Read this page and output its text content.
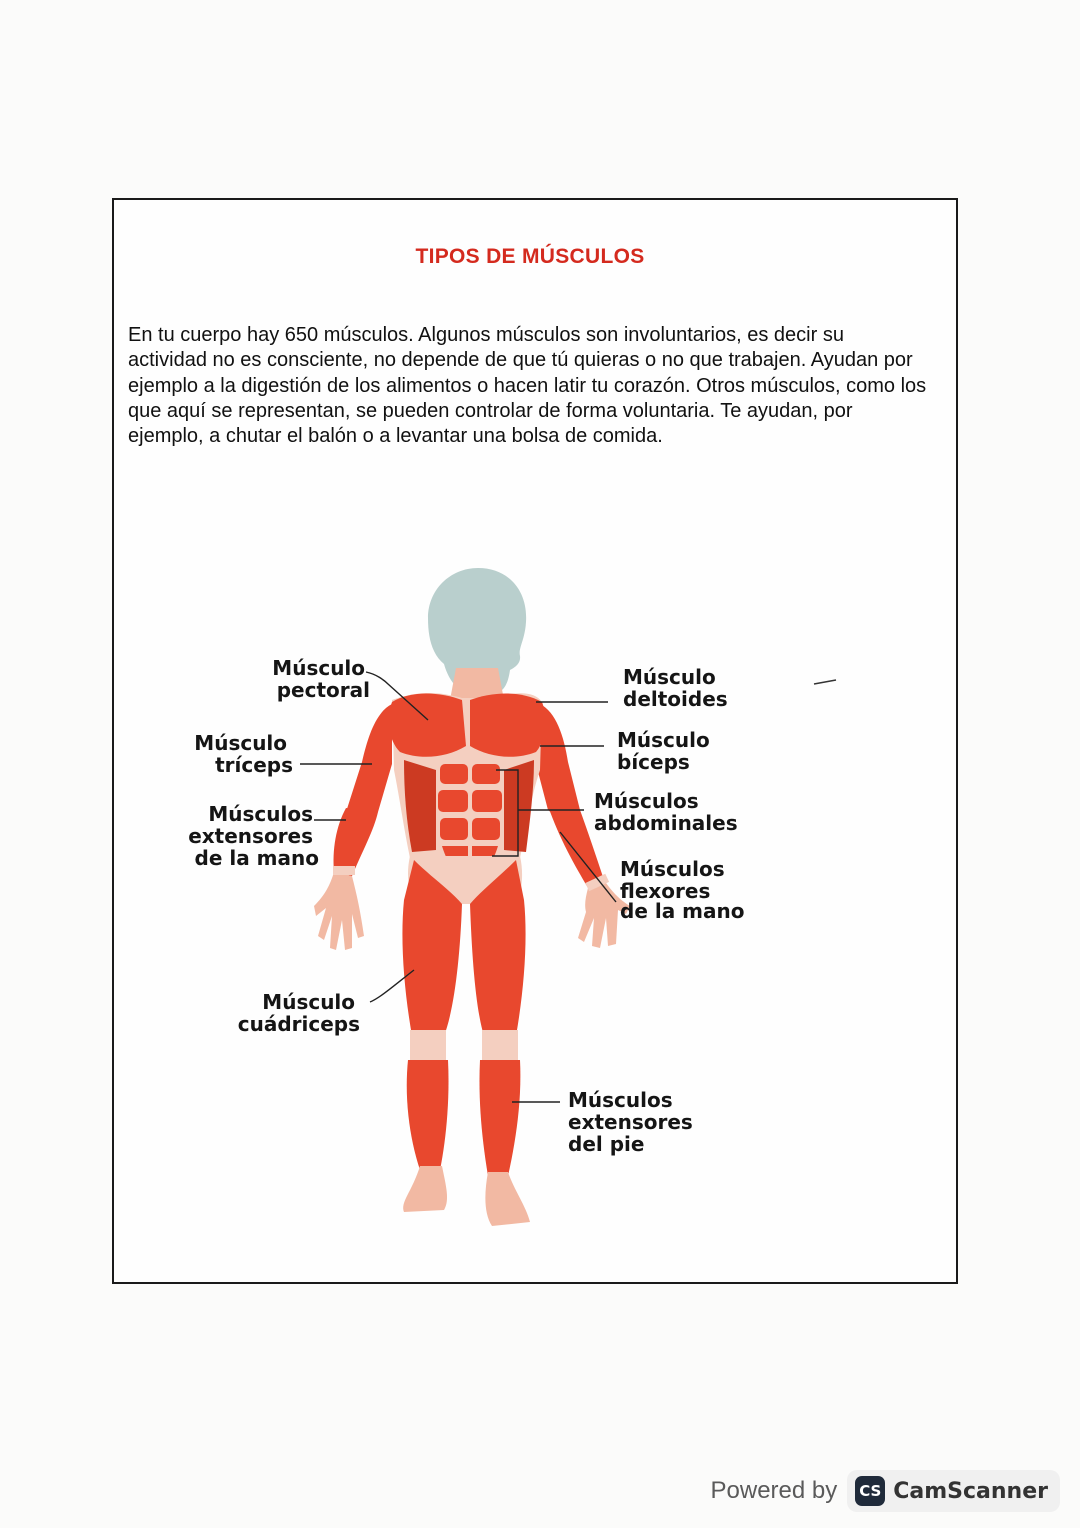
TIPOS DE MÚSCULOS
En tu cuerpo hay 650 músculos. Algunos músculos son involuntarios, es decir su actividad no es consciente, no depende de que tú quieras o no que trabajen. Ayudan por ejemplo a la digestión de los alimentos o hacen latir tu corazón. Otros músculos, como los que aquí se representan, se pueden controlar de forma voluntaria. Te ayudan, por ejemplo, a chutar el balón o a levantar una bolsa de comida.
Músculo pectoral
Músculo tríceps
Músculos extensores de la mano
Músculo cuádriceps
Músculo deltoides
Músculo bíceps
Músculos abdominales
Músculos flexores de la mano
Músculos extensores del pie
Powered by CS CamScanner
